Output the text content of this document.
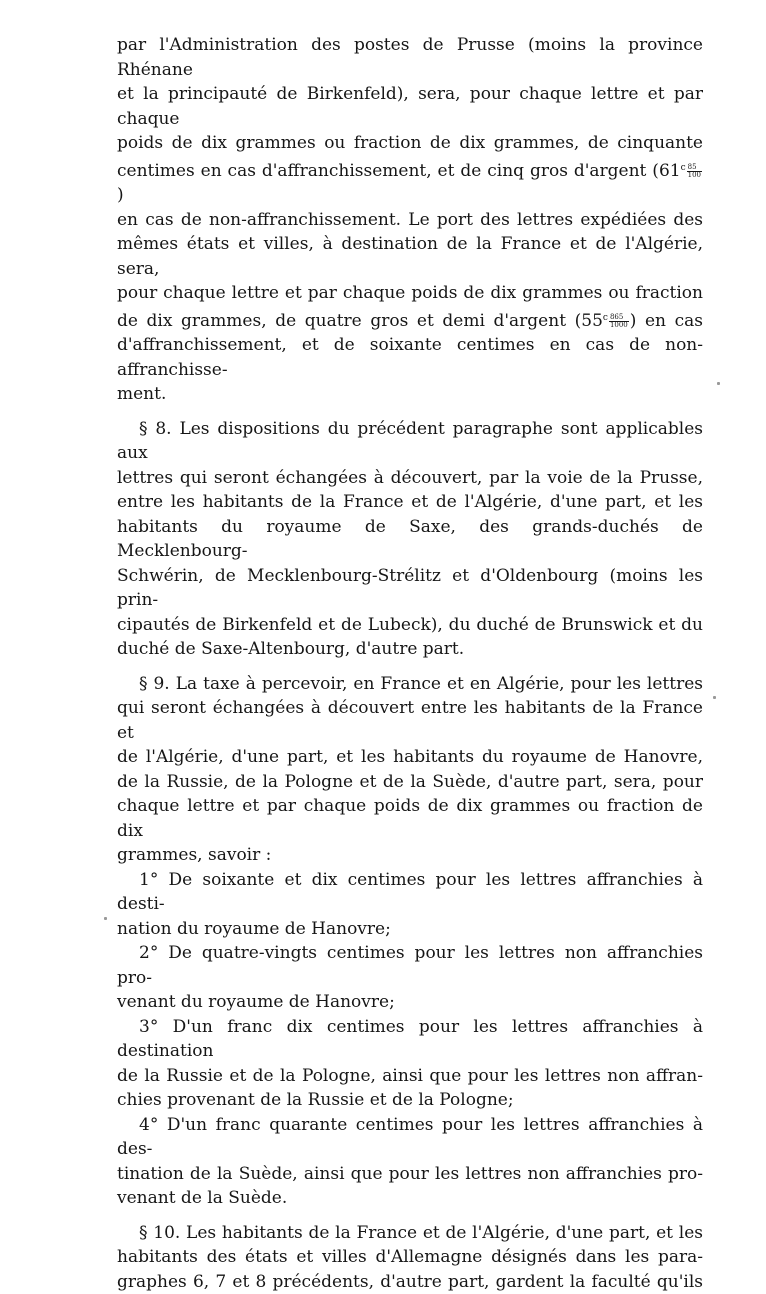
par l'Administration des postes de Prusse (moins la province Rhénane

et la principauté de Birkenfeld), sera, pour chaque lettre et par chaque

poids de dix grammes ou fraction de dix grammes, de cinquante

centimes en cas d'affranchissement, et de cinq gros d'argent ($61^c \frac{85}{100}$
)

en cas de non-affranchissement. Le port des lettres expédiées des

mêmes états et villes, à destination de la France et de l'Algérie, sera,

pour chaque lettre et par chaque poids de dix grammes ou fraction

de dix grammes, de quatre gros et demi d'argent ($55^c \frac{865}{1000}$ ) en cas

d'affranchissement, et de soixante centimes en cas de non-affranchisse-

ment.

§ 8. Les dispositions du précédent paragraphe sont applicables aux

lettres qui seront échangées à découvert, par la voie de la Prusse,

entre les habitants de la France et de l'Algérie, d'une part, et les

habitants du royaume de Saxe, des grands-duchés de Mecklenbourg-

Schwérin, de Mecklenbourg-Strélitz et d'Oldenbourg (moins les prin-

cipautés de Birkenfeld et de Lubeck), du duché de Brunswick et du

duché de Saxe-Altenbourg, d'autre part.

§ 9. La taxe à percevoir, en France et en Algérie, pour les lettres

qui seront échangées à découvert entre les habitants de la France et

de l'Algérie, d'une part, et les habitants du royaume de Hanovre,

de la Russie, de la Pologne et de la Suède, d'autre part, sera, pour

chaque lettre et par chaque poids de dix grammes ou fraction de dix

grammes, savoir :

1° De soixante et dix centimes pour les lettres affranchies à desti-

nation du royaume de Hanovre;

2° De quatre-vingts centimes pour les lettres non affranchies pro-

venant du royaume de Hanovre;

3° D'un franc dix centimes pour les lettres affranchies à destination

de la Russie et de la Pologne, ainsi que pour les lettres non affran-

chies provenant de la Russie et de la Pologne;

4° D'un franc quarante centimes pour les lettres affranchies à des-

tination de la Suède, ainsi que pour les lettres non affranchies pro-

venant de la Suède.

§ 10. Les habitants de la France et de l'Algérie, d'une part, et les

habitants des états et villes d'Allemagne désignés dans les para-

graphes 6, 7 et 8 précédents, d'autre part, gardent la faculté qu'ils
